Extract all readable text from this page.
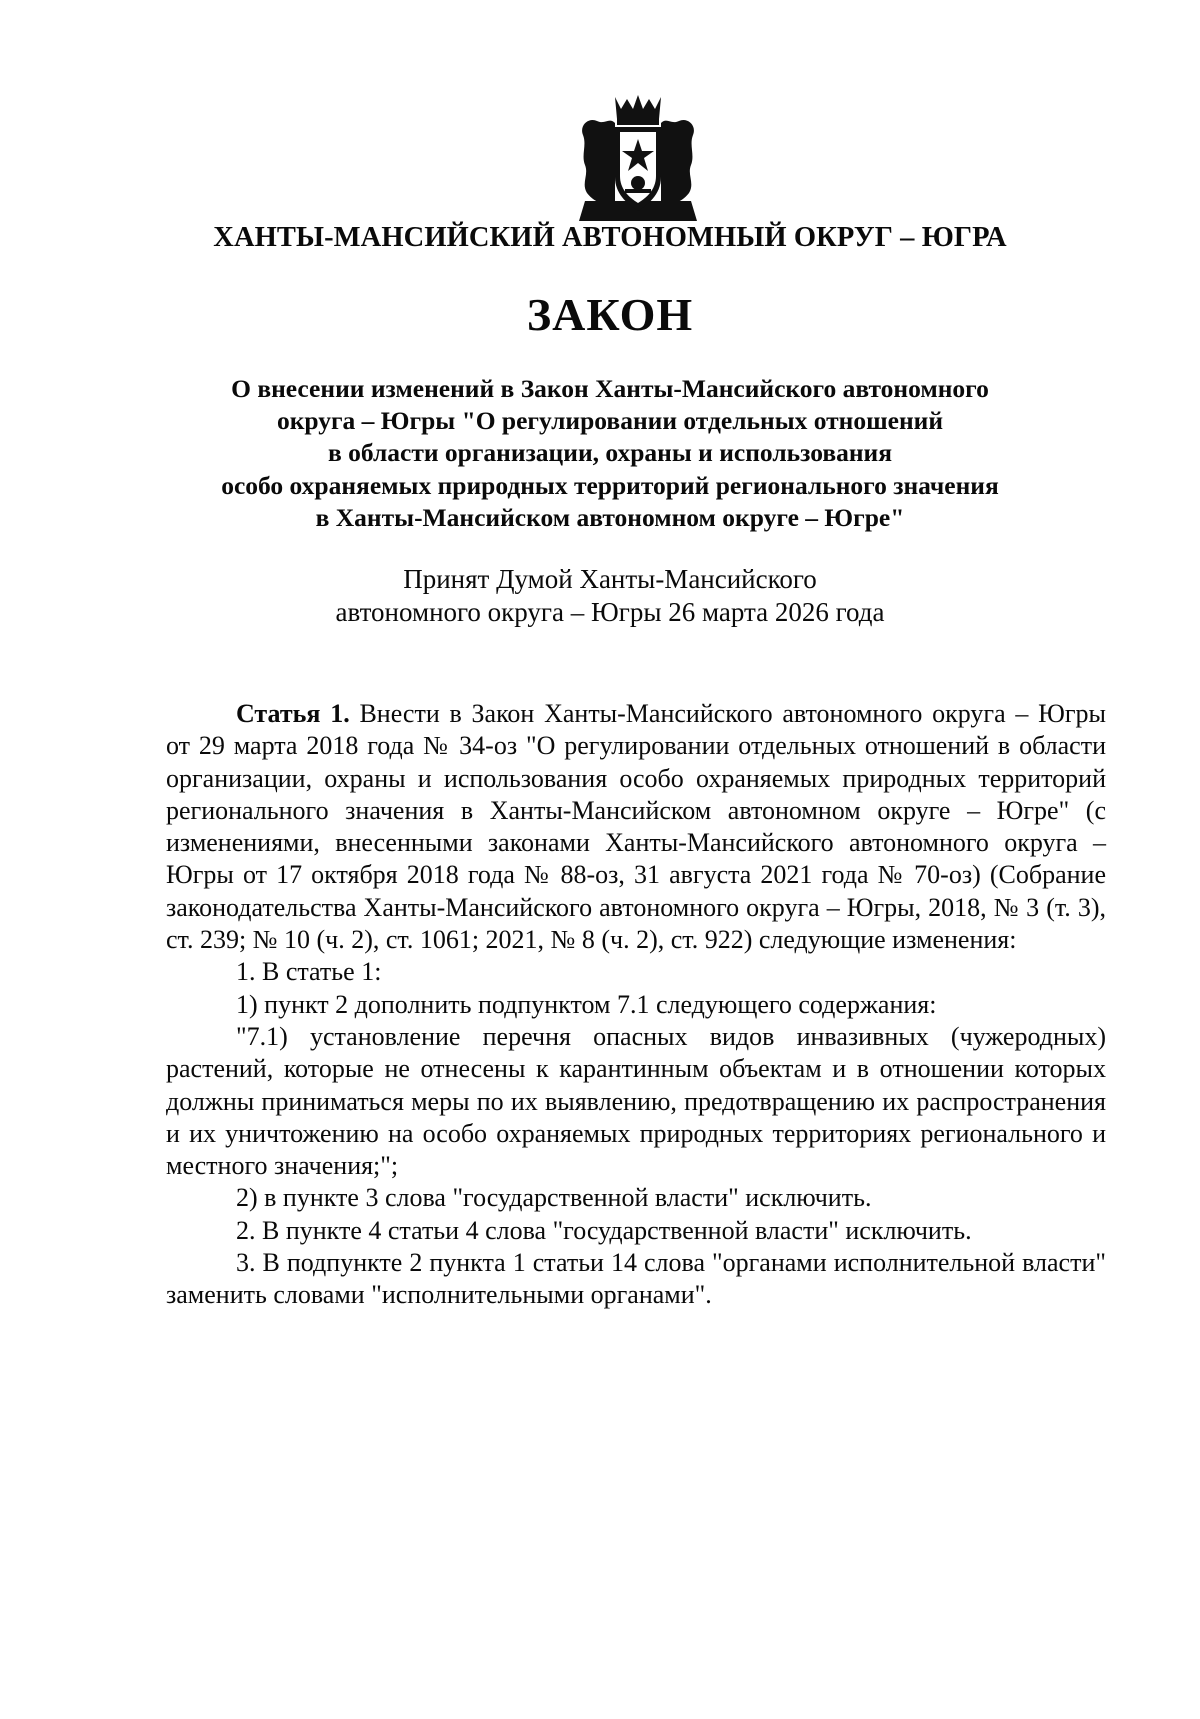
ХАНТЫ-МАНСИЙСКИЙ АВТОНОМНЫЙ ОКРУГ – ЮГРА
ЗАКОН
О внесении изменений в Закон Ханты-Мансийского автономного
округа – Югры "О регулировании отдельных отношений
в области организации, охраны и использования
особо охраняемых природных территорий регионального значения
в Ханты-Мансийском автономном округе – Югре"
Принят Думой Ханты-Мансийского
автономного округа – Югры 26 марта 2026 года

Статья 1. Внести в Закон Ханты-Мансийского автономного округа – Югры от 29 марта 2018 года № 34-оз "О регулировании отдельных отношений в области организации, охраны и использования особо охраняемых природных территорий регионального значения в Ханты-Мансийском автономном округе – Югре" (с изменениями, внесенными законами Ханты-Мансийского автономного округа – Югры от 17 октября 2018 года № 88-оз, 31 августа 2021 года № 70-оз) (Собрание законодательства Ханты-Мансийского автономного округа – Югры, 2018, № 3 (т. 3), ст. 239; № 10 (ч. 2), ст. 1061; 2021, № 8 (ч. 2), ст. 922) следующие изменения:

1. В статье 1:

1) пункт 2 дополнить подпунктом 7.1 следующего содержания:

"7.1) установление перечня опасных видов инвазивных (чужеродных) растений, которые не отнесены к карантинным объектам и в отношении которых должны приниматься меры по их выявлению, предотвращению их распространения и их уничтожению на особо охраняемых природных территориях регионального и местного значения;";

2) в пункте 3 слова "государственной власти" исключить.

2. В пункте 4 статьи 4 слова "государственной власти" исключить.

3. В подпункте 2 пункта 1 статьи 14 слова "органами исполнительной власти" заменить словами "исполнительными органами".
